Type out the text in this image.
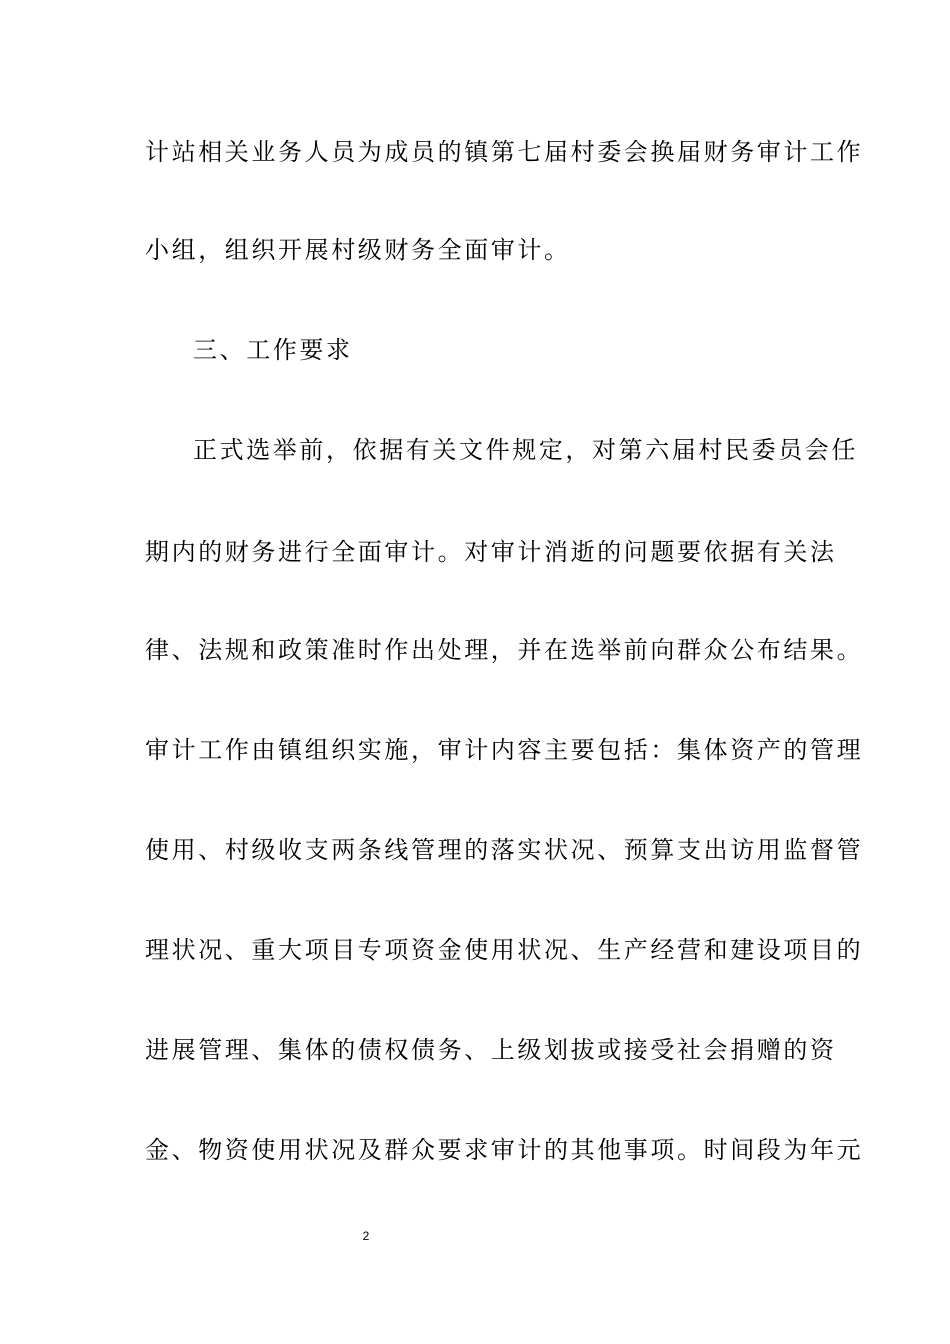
计站相关业务人员为成员的镇第七届村委会换届财务审计工作
小组，组织开展村级财务全面审计。
三、工作要求
正式选举前，依据有关文件规定，对第六届村民委员会任
期内的财务进行全面审计。对审计消逝的问题要依据有关法
律、法规和政策准时作出处理，并在选举前向群众公布结果。
审计工作由镇组织实施，审计内容主要包括：集体资产的管理
使用、村级收支两条线管理的落实状况、预算支出访用监督管
理状况、重大项目专项资金使用状况、生产经营和建设项目的
进展管理、集体的债权债务、上级划拔或接受社会捐赠的资
金、物资使用状况及群众要求审计的其他事项。时间段为年元
2
